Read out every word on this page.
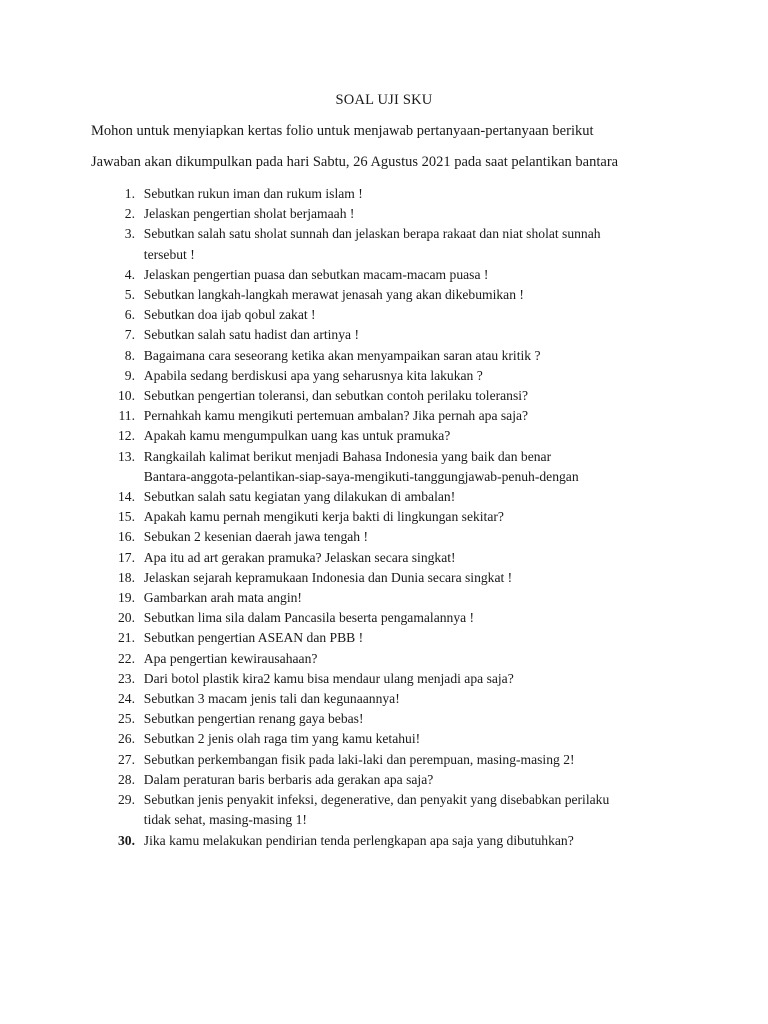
SOAL UJI SKU
Mohon untuk menyiapkan kertas folio untuk menjawab pertanyaan-pertanyaan berikut
Jawaban akan dikumpulkan pada hari Sabtu, 26 Agustus 2021 pada saat pelantikan bantara
1.
Sebutkan rukun iman dan rukum islam !
2.
Jelaskan pengertian sholat berjamaah !
3.
Sebutkan salah satu sholat sunnah dan jelaskan berapa rakaat dan niat sholat sunnah
tersebut !
4.
Jelaskan pengertian puasa dan sebutkan macam-macam puasa !
5.
Sebutkan langkah-langkah merawat jenasah yang akan dikebumikan !
6.
Sebutkan doa ijab qobul zakat !
7.
Sebutkan salah satu hadist dan artinya !
8.
Bagaimana cara seseorang ketika akan menyampaikan saran atau kritik ?
9.
Apabila sedang berdiskusi apa yang seharusnya kita lakukan ?
10.
Sebutkan pengertian toleransi, dan sebutkan contoh perilaku toleransi?
11.
Pernahkah kamu mengikuti pertemuan ambalan? Jika pernah apa saja?
12.
Apakah kamu mengumpulkan uang kas untuk pramuka?
13.
Rangkailah kalimat berikut menjadi Bahasa Indonesia yang baik dan benar
Bantara-anggota-pelantikan-siap-saya-mengikuti-tanggungjawab-penuh-dengan
14.
Sebutkan salah satu kegiatan yang dilakukan di ambalan!
15.
Apakah kamu pernah mengikuti kerja bakti di lingkungan sekitar?
16.
Sebukan 2 kesenian daerah jawa tengah !
17.
Apa itu ad art gerakan pramuka? Jelaskan secara singkat!
18.
Jelaskan sejarah kepramukaan Indonesia dan Dunia secara singkat !
19.
Gambarkan arah mata angin!
20.
Sebutkan lima sila dalam Pancasila beserta pengamalannya !
21.
Sebutkan pengertian ASEAN dan PBB !
22.
Apa pengertian kewirausahaan?
23.
Dari botol plastik kira2 kamu bisa mendaur ulang menjadi apa saja?
24.
Sebutkan 3 macam jenis tali dan kegunaannya!
25.
Sebutkan pengertian renang gaya bebas!
26.
Sebutkan 2 jenis olah raga tim yang kamu ketahui!
27.
Sebutkan perkembangan fisik pada laki-laki dan perempuan, masing-masing 2!
28.
Dalam peraturan baris berbaris ada gerakan apa saja?
29.
Sebutkan jenis penyakit infeksi, degenerative, dan penyakit yang disebabkan perilaku
tidak sehat, masing-masing 1!
30.
Jika kamu melakukan pendirian tenda perlengkapan apa saja yang dibutuhkan?
